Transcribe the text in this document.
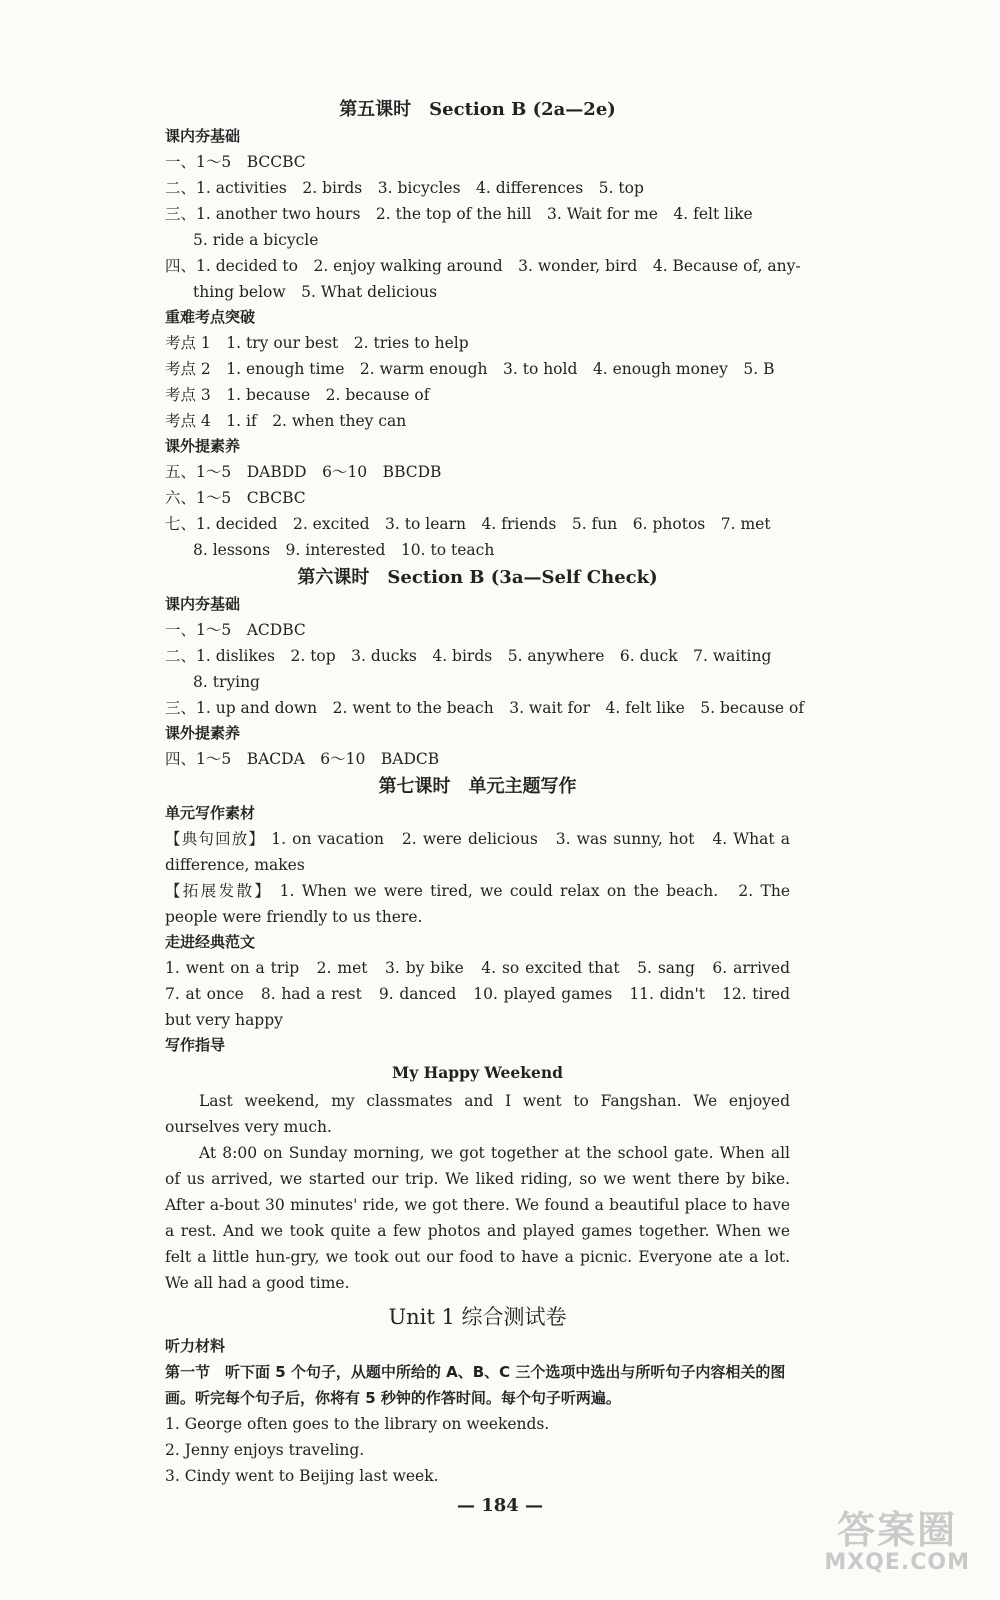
第五课时　Section B (2a—2e)
课内夯基础
一、1～5　BCCBC
二、1. activities　2. birds　3. bicycles　4. differences　5. top
三、1. another two hours　2. the top of the hill　3. Wait for me　4. felt like
5. ride a bicycle
四、1. decided to　2. enjoy walking around　3. wonder, bird　4. Because of, any-
thing below　5. What delicious
重难考点突破
考点 1　1. try our best　2. tries to help
考点 2　1. enough time　2. warm enough　3. to hold　4. enough money　5. B
考点 3　1. because　2. because of
考点 4　1. if　2. when they can
课外提素养
五、1～5　DABDD　6～10　BBCDB
六、1～5　CBCBC
七、1. decided　2. excited　3. to learn　4. friends　5. fun　6. photos　7. met
8. lessons　9. interested　10. to teach
第六课时　Section B (3a—Self Check)
课内夯基础
一、1～5　ACDBC
二、1. dislikes　2. top　3. ducks　4. birds　5. anywhere　6. duck　7. waiting
8. trying
三、1. up and down　2. went to the beach　3. wait for　4. felt like　5. because of
课外提素养
四、1～5　BACDA　6～10　BADCB
第七课时　单元主题写作
单元写作素材
【典句回放】 1. on vacation　2. were delicious　3. was sunny, hot　4. What a difference, makes
【拓展发散】 1. When we were tired, we could relax on the beach.　2. The people were friendly to us there.
走进经典范文
1. went on a trip　2. met　3. by bike　4. so excited that　5. sang　6. arrived　7. at once　8. had a rest　9. danced　10. played games　11. didn't　12. tired but very happy
写作指导
My Happy Weekend
Last weekend, my classmates and I went to Fangshan. We enjoyed ourselves very much.
At 8:00 on Sunday morning, we got together at the school gate. When all of us arrived, we started our trip. We liked riding, so we went there by bike. After a-bout 30 minutes' ride, we got there. We found a beautiful place to have a rest. And we took quite a few photos and played games together. When we felt a little hun-gry, we took out our food to have a picnic. Everyone ate a lot. We all had a good time.
Unit 1 综合测试卷
听力材料
第一节　听下面 5 个句子，从题中所给的 A、B、C 三个选项中选出与所听句子内容相关的图画。听完每个句子后，你将有 5 秒钟的作答时间。每个句子听两遍。
1. George often goes to the library on weekends.
2. Jenny enjoys traveling.
3. Cindy went to Beijing last week.
— 184 —
答案圈
MXQE.COM
